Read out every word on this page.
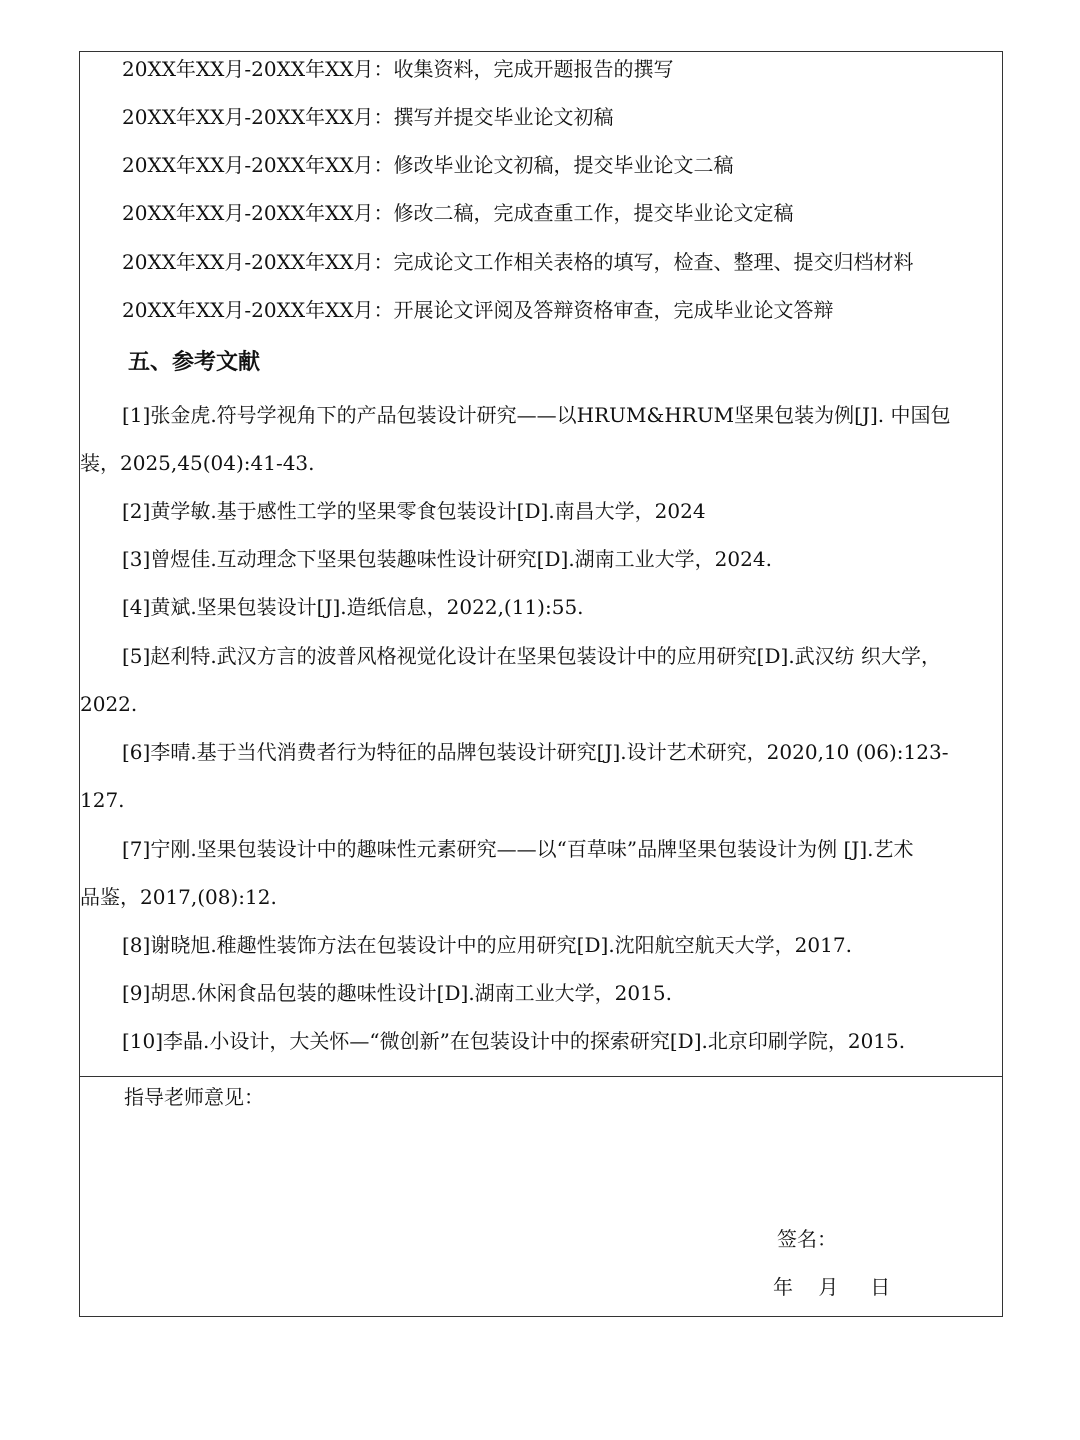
20XX年XX月-20XX年XX月：收集资料，完成开题报告的撰写
20XX年XX月-20XX年XX月：撰写并提交毕业论文初稿
20XX年XX月-20XX年XX月：修改毕业论文初稿，提交毕业论文二稿
20XX年XX月-20XX年XX月：修改二稿，完成查重工作，提交毕业论文定稿
20XX年XX月-20XX年XX月：完成论文工作相关表格的填写，检查、整理、提交归档材料
20XX年XX月-20XX年XX月：开展论文评阅及答辩资格审查，完成毕业论文答辩
五、参考文献
[1]张金虎.符号学视角下的产品包装设计研究——以HRUM&HRUM坚果包装为例[J]. 中国包
装，2025,45(04):41-43.
[2]黄学敏.基于感性工学的坚果零食包装设计[D].南昌大学，2024
[3]曾煜佳.互动理念下坚果包装趣味性设计研究[D].湖南工业大学，2024.
[4]黄斌.坚果包装设计[J].造纸信息，2022,(11):55.
[5]赵利特.武汉方言的波普风格视觉化设计在坚果包装设计中的应用研究[D].武汉纺 织大学，
2022.
[6]李晴.基于当代消费者行为特征的品牌包装设计研究[J].设计艺术研究，2020,10 (06):123-
127.
[7]宁刚.坚果包装设计中的趣味性元素研究——以“百草味”品牌坚果包装设计为例 [J].艺术
品鉴，2017,(08):12.
[8]谢晓旭.稚趣性装饰方法在包装设计中的应用研究[D].沈阳航空航天大学，2017.
[9]胡思.休闲食品包装的趣味性设计[D].湖南工业大学，2015.
[10]李晶.小设计，大关怀—“微创新”在包装设计中的探索研究[D].北京印刷学院，2015.
指导老师意见：
签名：
年    月     日
